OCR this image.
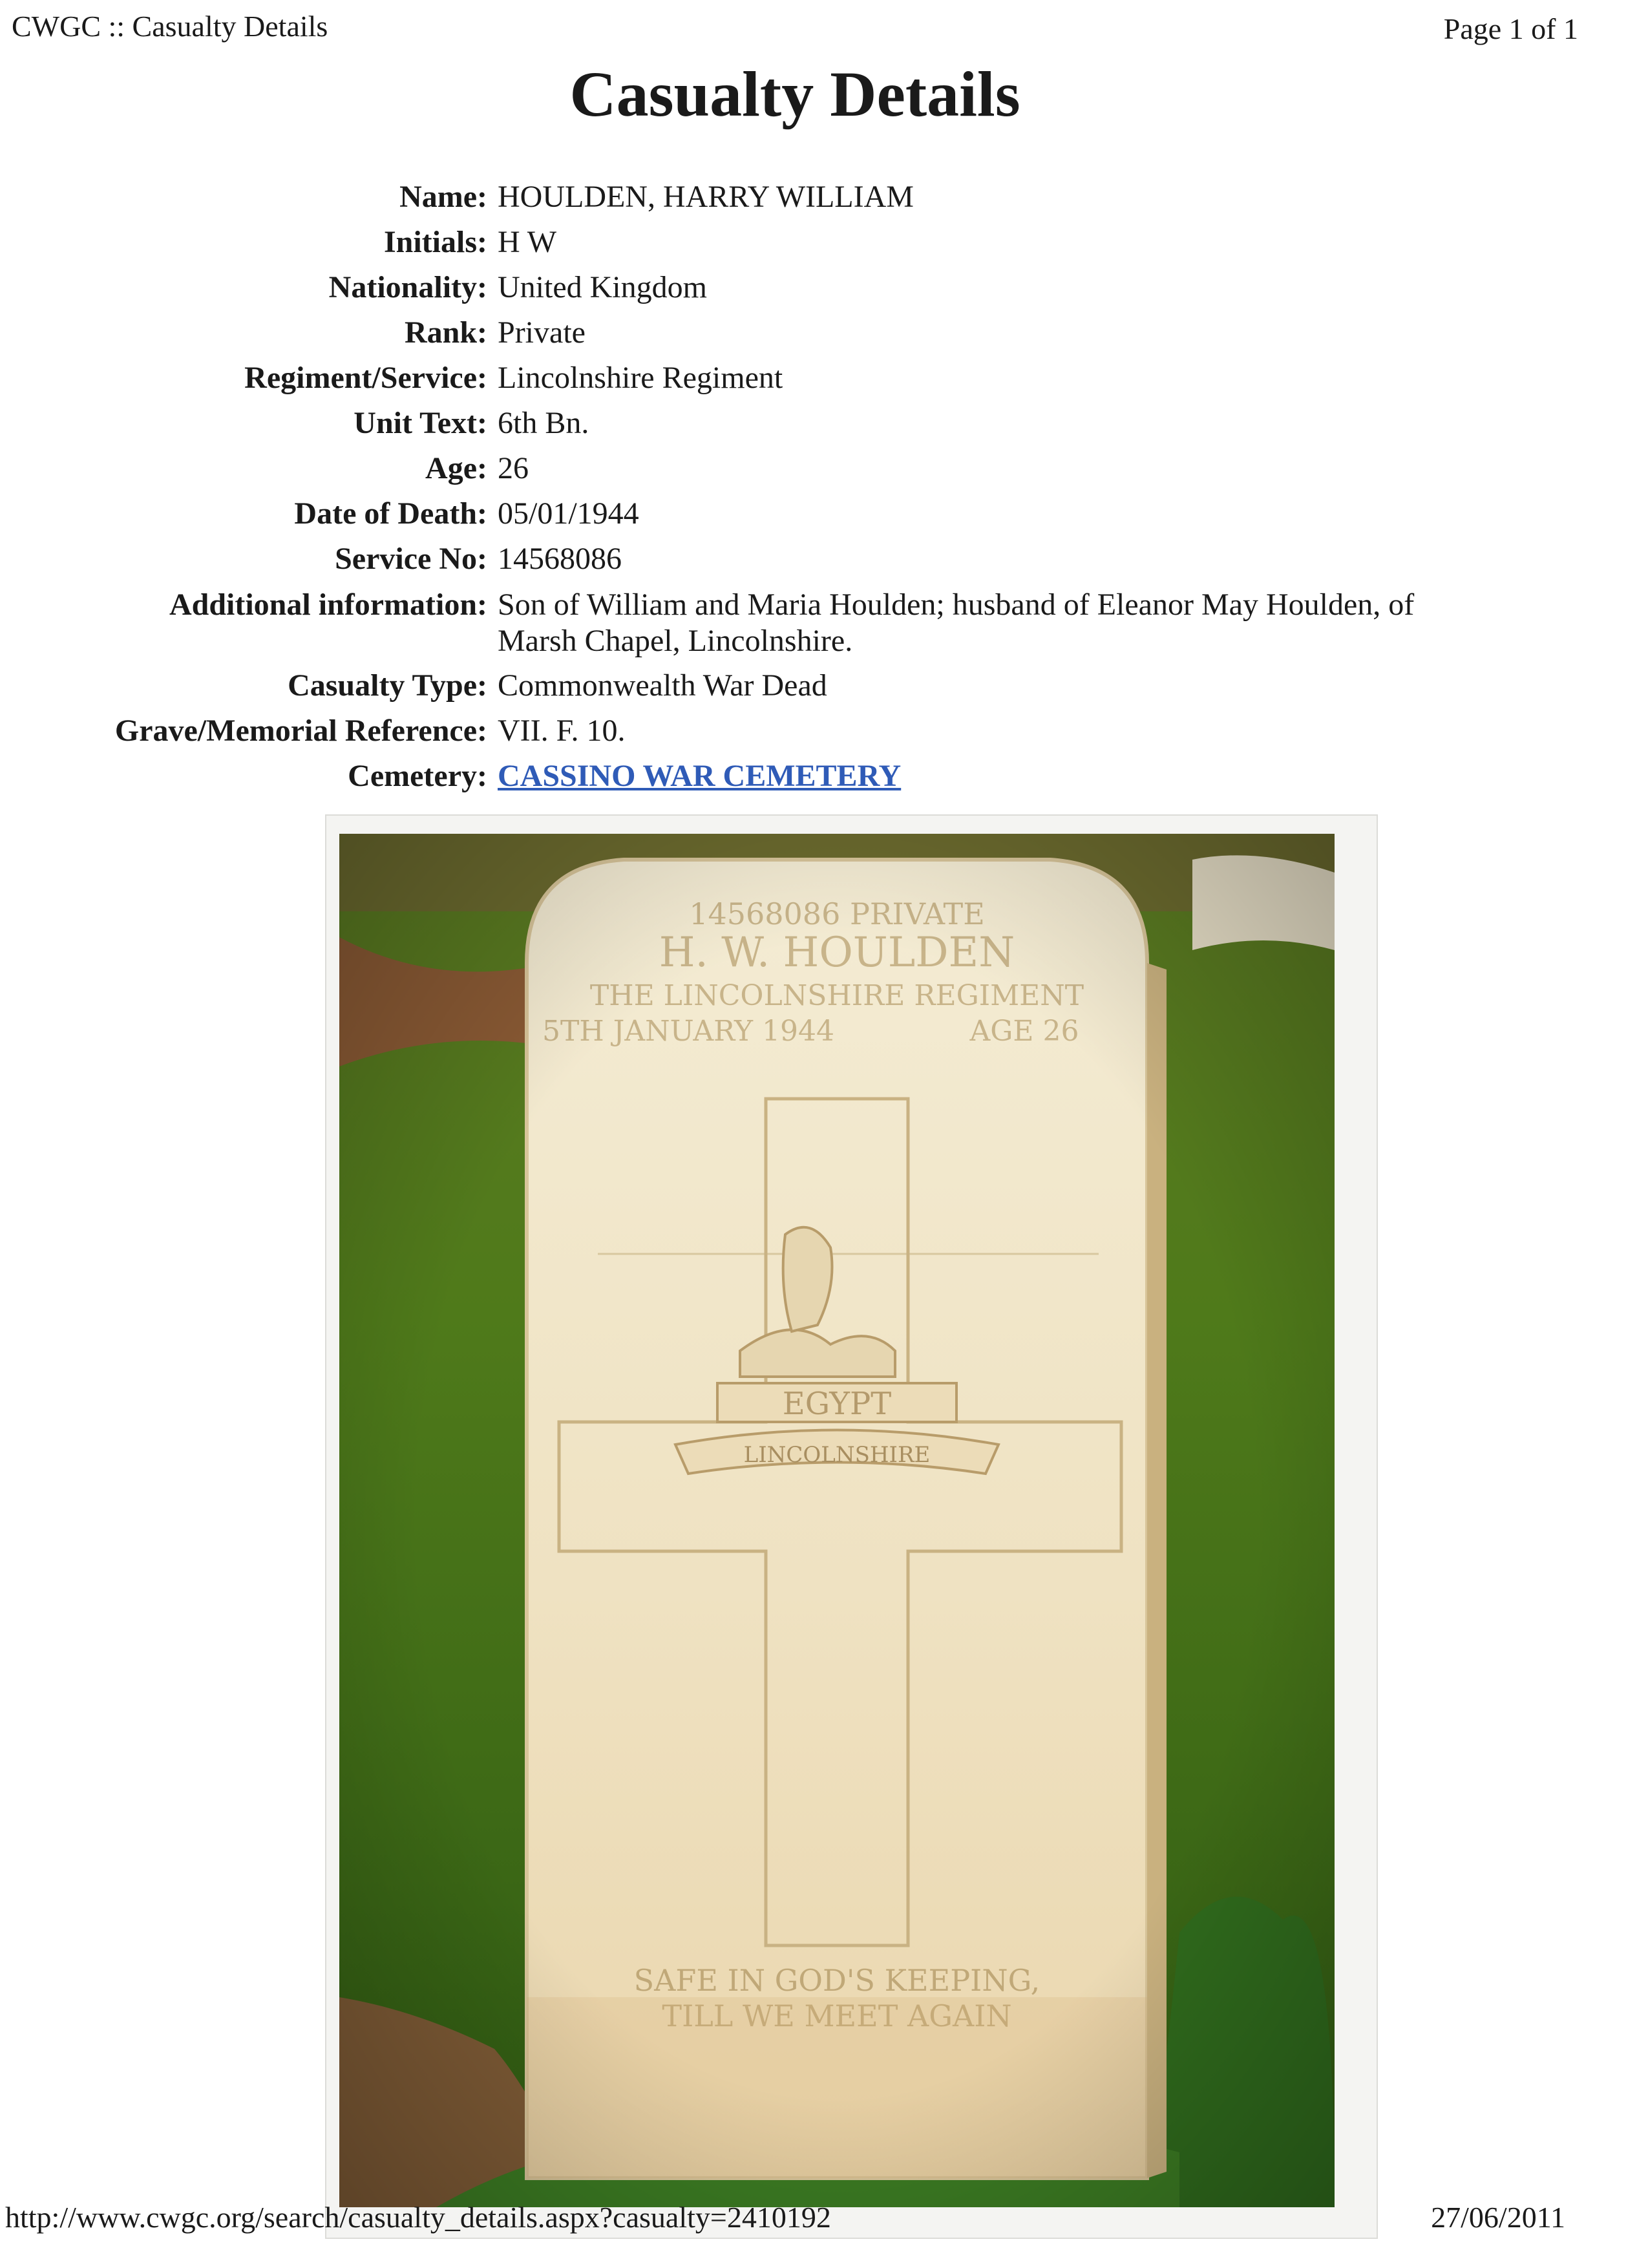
CWGC :: Casualty Details	Page 1 of 1
Casualty Details
Name: HOULDEN, HARRY WILLIAM
Initials: H W
Nationality: United Kingdom
Rank: Private
Regiment/Service: Lincolnshire Regiment
Unit Text: 6th Bn.
Age: 26
Date of Death: 05/01/1944
Service No: 14568086
Additional information: Son of William and Maria Houlden; husband of Eleanor May Houlden, of Marsh Chapel, Lincolnshire.
Casualty Type: Commonwealth War Dead
Grave/Memorial Reference: VII. F. 10.
Cemetery: CASSINO WAR CEMETERY
http://www.cwgc.org/search/casualty_details.aspx?casualty=2410192	27/06/2011
